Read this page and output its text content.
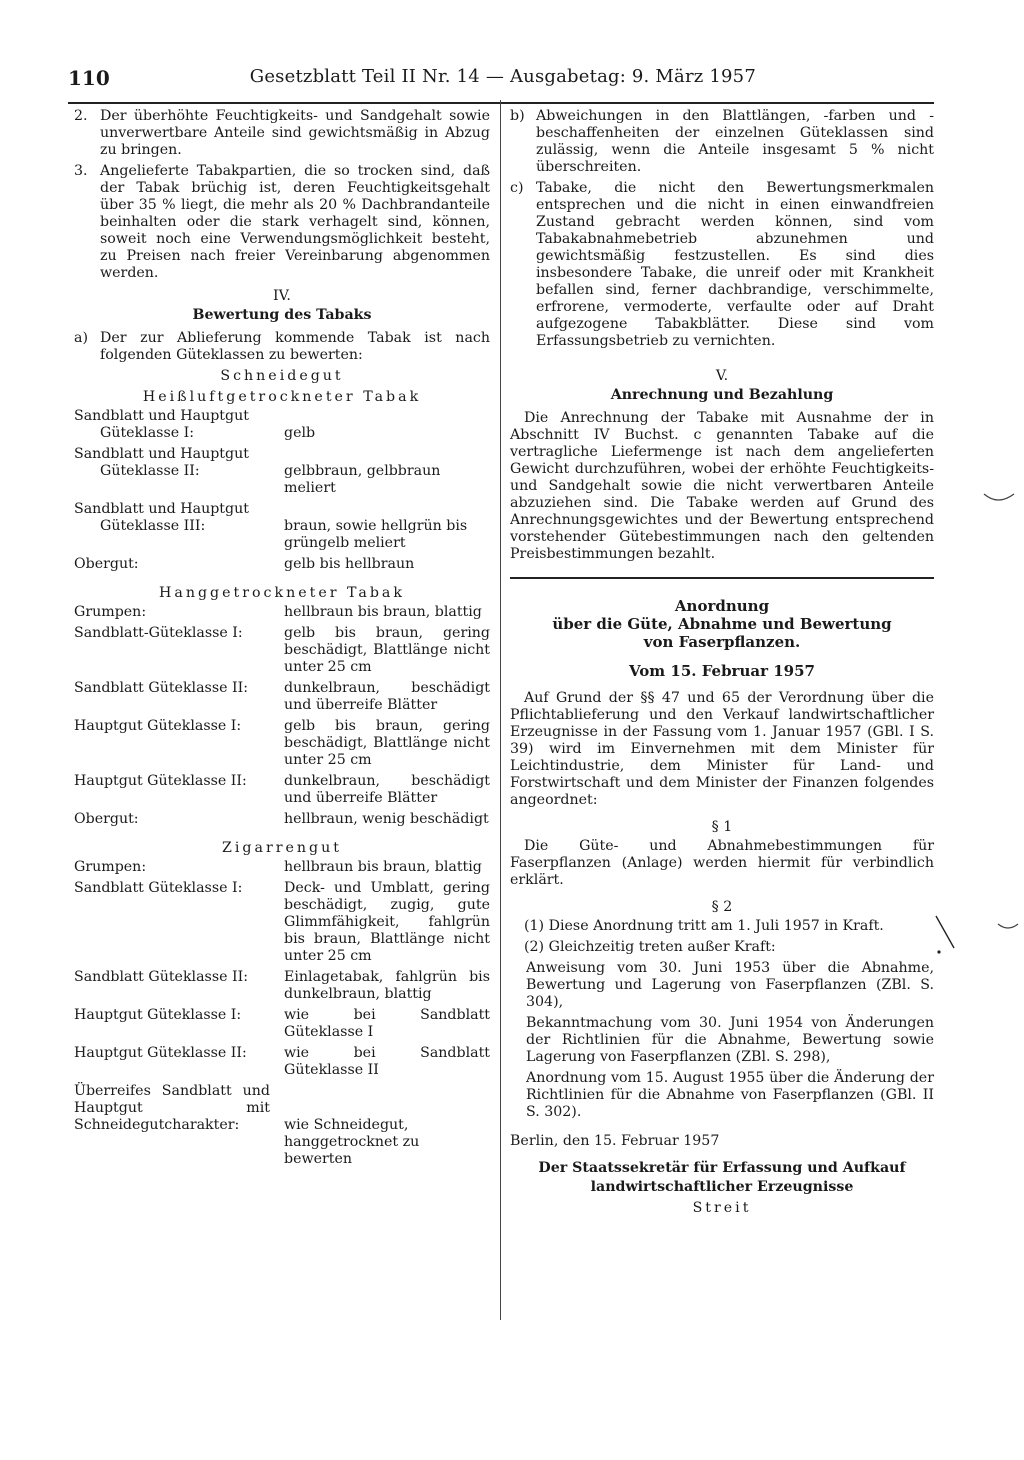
110	Gesetzblatt Teil II Nr. 14 — Ausgabetag: 9. März 1957
2. Der überhöhte Feuchtigkeits- und Sandgehalt sowie unverwertbare Anteile sind gewichtsmäßig in Abzug zu bringen.
3. Angelieferte Tabakpartien, die so trocken sind, daß der Tabak brüchig ist, deren Feuchtigkeitsgehalt über 35 % liegt, die mehr als 20 % Dachbrandanteile beinhalten oder die stark verhagelt sind, können, soweit noch eine Verwendungsmöglichkeit besteht, zu Preisen nach freier Vereinbarung abgenommen werden.
IV.
Bewertung des Tabaks
a) Der zur Ablieferung kommende Tabak ist nach folgenden Güteklassen zu bewerten:
Schneidegut
Heißluftgetrockneter Tabak
Sandblatt und Hauptgut
Güteklasse I:	gelb
Sandblatt und Hauptgut
Güteklasse II:	gelbbraun, gelbbraun meliert
Sandblatt und Hauptgut
Güteklasse III:	braun, sowie hellgrün bis grüngelb meliert
Obergut:	gelb bis hellbraun
Hanggetrockneter Tabak
Grumpen:	hellbraun bis braun, blattig
Sandblatt-Güteklasse I:	gelb bis braun, gering beschädigt, Blattlänge nicht unter 25 cm
Sandblatt Güteklasse II:	dunkelbraun, beschädigt und überreife Blätter
Hauptgut Güteklasse I:	gelb bis braun, gering beschädigt, Blattlänge nicht unter 25 cm
Hauptgut Güteklasse II:	dunkelbraun, beschädigt und überreife Blätter
Obergut:	hellbraun, wenig beschädigt
Zigarrengut
Grumpen:	hellbraun bis braun, blattig
Sandblatt Güteklasse I:	Deck- und Umblatt, gering beschädigt, zugig, gute Glimmfähigkeit, fahlgrün bis braun, Blattlänge nicht unter 25 cm
Sandblatt Güteklasse II:	Einlagetabak, fahlgrün bis dunkelbraun, blattig
Hauptgut Güteklasse I:	wie bei Sandblatt Güteklasse I
Hauptgut Güteklasse II:	wie bei Sandblatt Güteklasse II
Überreifes Sandblatt und Hauptgut mit Schneidegutcharakter:	wie Schneidegut, hanggetrocknet zu bewerten
b) Abweichungen in den Blattlängen, -farben und -beschaffenheiten der einzelnen Güteklassen sind zulässig, wenn die Anteile insgesamt 5 % nicht überschreiten.
c) Tabake, die nicht den Bewertungsmerkmalen entsprechen und die nicht in einen einwandfreien Zustand gebracht werden können, sind vom Tabakabnahmebetrieb abzunehmen und gewichtsmäßig festzustellen. Es sind dies insbesondere Tabake, die unreif oder mit Krankheit befallen sind, ferner dachbrandige, verschimmelte, erfrorene, vermoderte, verfaulte oder auf Draht aufgezogene Tabakblätter. Diese sind vom Erfassungsbetrieb zu vernichten.
V.
Anrechnung und Bezahlung

Die Anrechnung der Tabake mit Ausnahme der in Abschnitt IV Buchst. c genannten Tabake auf die vertragliche Liefermenge ist nach dem angelieferten Gewicht durchzuführen, wobei der erhöhte Feuchtigkeits- und Sandgehalt sowie die nicht verwertbaren Anteile abzuziehen sind. Die Tabake werden auf Grund des Anrechnungsgewichtes und der Bewertung entsprechend vorstehender Gütebestimmungen nach den geltenden Preisbestimmungen bezahlt.

Anordnung

über die Güte, Abnahme und Bewertung

von Faserpflanzen.

Vom 15. Februar 1957

Auf Grund der §§ 47 und 65 der Verordnung über die Pflichtablieferung und den Verkauf landwirtschaftlicher Erzeugnisse in der Fassung vom 1. Januar 1957 (GBl. I S. 39) wird im Einvernehmen mit dem Minister für Leichtindustrie, dem Minister für Land- und Forstwirtschaft und dem Minister der Finanzen folgendes angeordnet:

§ 1

Die Güte- und Abnahmebestimmungen für Faserpflanzen (Anlage) werden hiermit für verbindlich erklärt.

§ 2

(1) Diese Anordnung tritt am 1. Juli 1957 in Kraft.

(2) Gleichzeitig treten außer Kraft:

Anweisung vom 30. Juni 1953 über die Abnahme, Bewertung und Lagerung von Faserpflanzen (ZBl. S. 304),

Bekanntmachung vom 30. Juni 1954 von Änderungen der Richtlinien für die Abnahme, Bewertung sowie Lagerung von Faserpflanzen (ZBl. S. 298),

Anordnung vom 15. August 1955 über die Änderung der Richtlinien für die Abnahme von Faserpflanzen (GBl. II S. 302).

Berlin, den 15. Februar 1957

Der Staatssekretär für Erfassung und Aufkauf
landwirtschaftlicher Erzeugnisse
Streit
